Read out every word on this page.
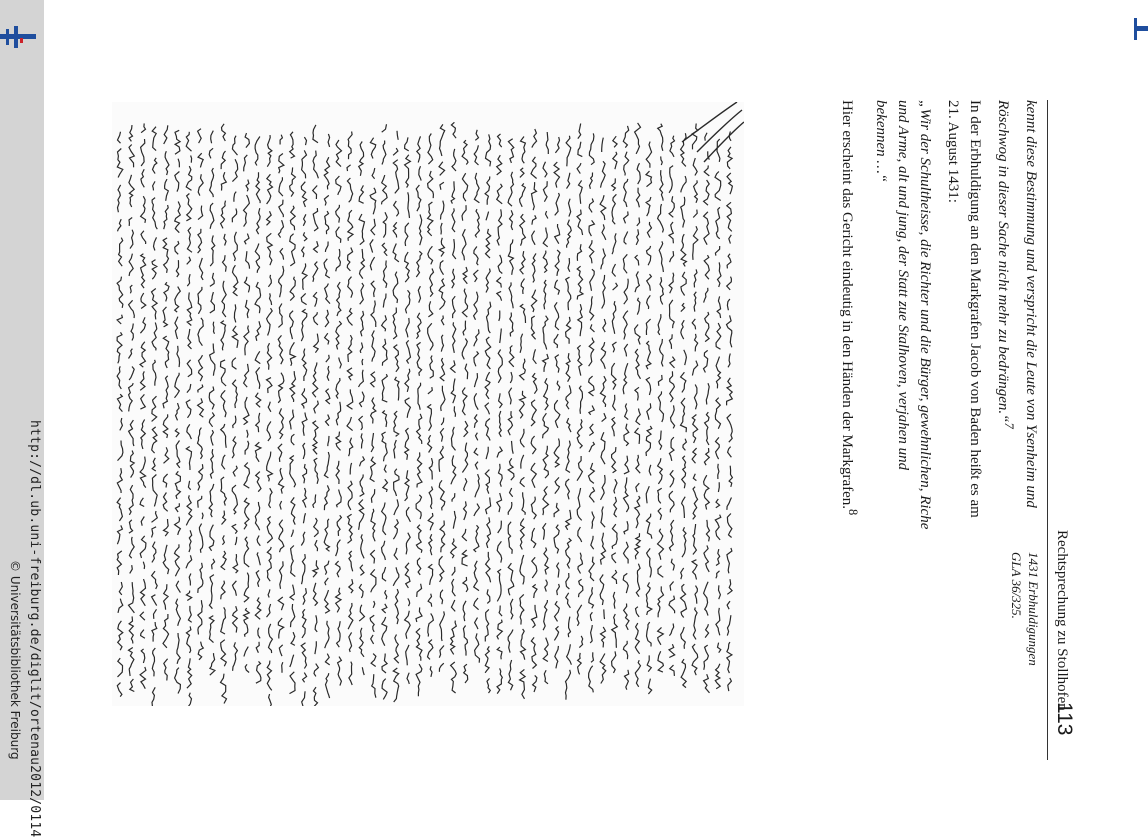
http://dl.ub.uni-freiburg.de/diglit/ortenau2012/0114
© Universitätsbibliothek Freiburg	Rechtsprechung zu Stollhofen
113

kennt diese Bestimmung und verspricht die Leute von Ysenheim und Röschwog in dieser Sache nicht mehr zu bedrängen.“$^7$

In der Erbhuldigung an den Markgrafen Jacob von Baden heißt es am 21. August 1431:

„Wir der Schultheisse, die Richter und die Bürger, gewehnlichen, Riche und Arme, alt und jung, der Statt zue Stalhoven, verjahen und bekennen …“

Hier erscheint das Gericht eindeutig in den Händen der Markgrafen.$^8$

1431 Erbhuldigungen
GLA 36/325.
